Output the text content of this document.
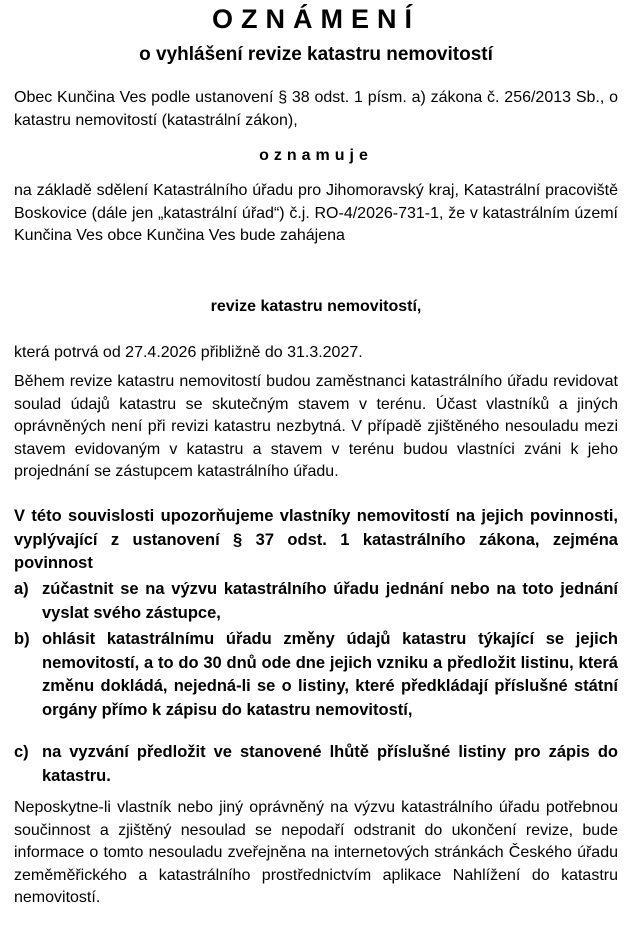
OZNÁMENÍ
o vyhlášení revize katastru nemovitostí

Obec Kunčina Ves podle ustanovení § 38 odst. 1 písm. a) zákona č. 256/2013 Sb., o katastru nemovitostí (katastrální zákon),

oznamuje

na základě sdělení Katastrálního úřadu pro Jihomoravský kraj, Katastrální pracoviště Boskovice (dále jen „katastrální úřad“) č.j. RO-4/2026-731-1, že v katastrálním území Kunčina Ves obce Kunčina Ves bude zahájena

revize katastru nemovitostí,

která potrvá od 27.4.2026 přibližně do 31.3.2027.

Během revize katastru nemovitostí budou zaměstnanci katastrálního úřadu revidovat soulad údajů katastru se skutečným stavem v terénu. Účast vlastníků a jiných oprávněných není při revizi katastru nezbytná. V případě zjištěného nesouladu mezi stavem evidovaným v katastru a stavem v terénu budou vlastníci zváni k jeho projednání se zástupcem katastrálního úřadu.

V této souvislosti upozorňujeme vlastníky nemovitostí na jejich povinnosti, vyplývající z ustanovení § 37 odst. 1 katastrálního zákona, zejména povinnost

a) zúčastnit se na výzvu katastrálního úřadu jednání nebo na toto jednání vyslat svého zástupce,
b) ohlásit katastrálnímu úřadu změny údajů katastru týkající se jejich nemovitostí, a to do 30 dnů ode dne jejich vzniku a předložit listinu, která změnu dokládá, nejedná-li se o listiny, které předkládají příslušné státní orgány přímo k zápisu do katastru nemovitostí,
c) na vyzvání předložit ve stanovené lhůtě příslušné listiny pro zápis do katastru.

Neposkytne-li vlastník nebo jiný oprávněný na výzvu katastrálního úřadu potřebnou součinnost a zjištěný nesoulad se nepodaří odstranit do ukončení revize, bude informace o tomto nesouladu zveřejněna na internetových stránkách Českého úřadu zeměměřického a katastrálního prostřednictvím aplikace Nahlížení do katastru nemovitostí.
